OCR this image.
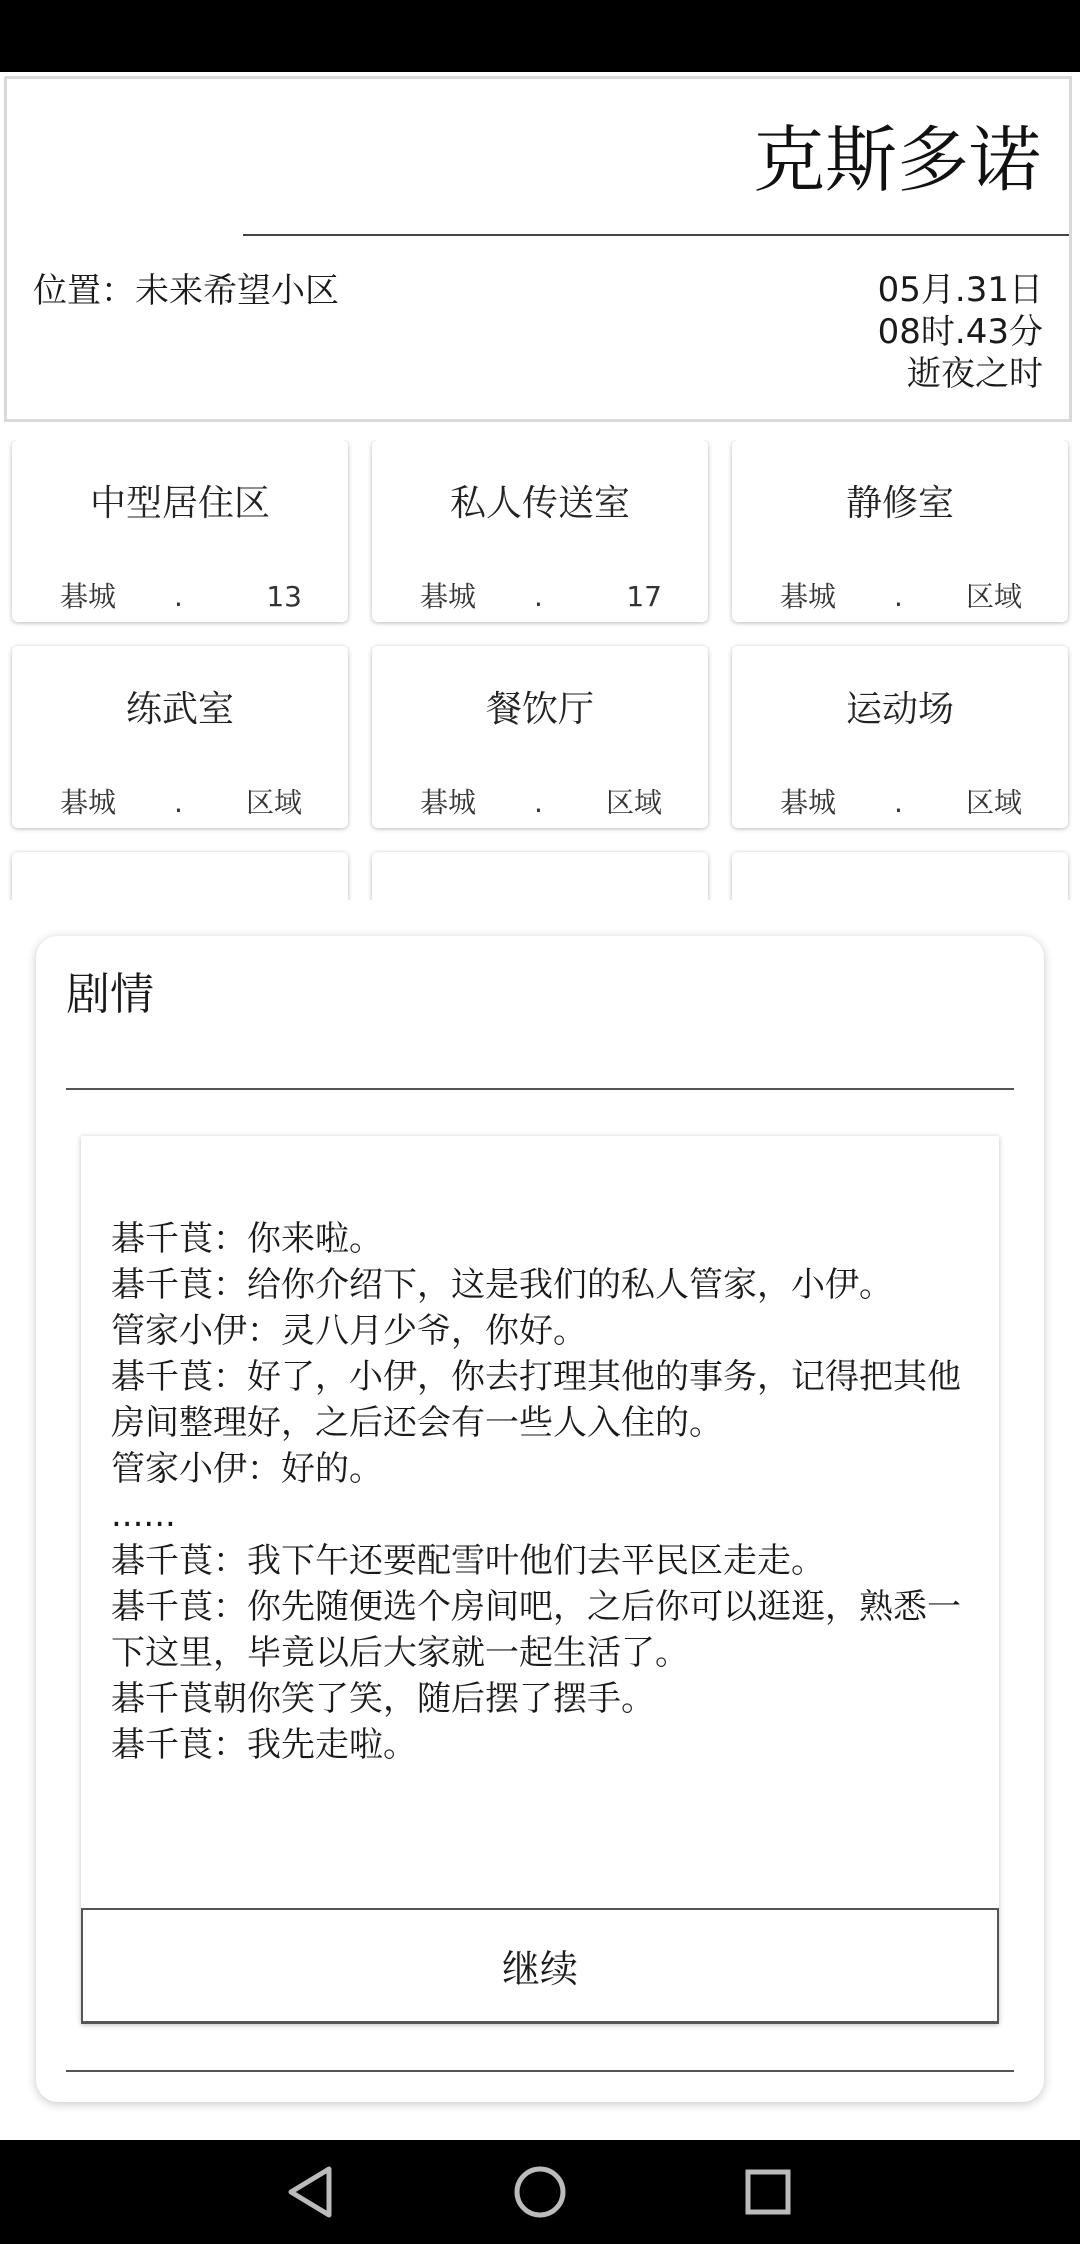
克斯多诺
位置：未来希望小区	05月.31日
08时.43分
逝夜之时
中型居住区
碁城 .	13
私人传送室
碁城 .	17
静修室
碁城 . 区域
练武室
碁城 . 区域
餐饮厅
碁城 . 区域
运动场
碁城 . 区域
剧情
碁千莨：你来啦。
碁千莨：给你介绍下，这是我们的私人管家，小伊。
管家小伊：灵八月少爷，你好。
碁千莨：好了，小伊，你去打理其他的事务，记得把其他房间整理好，之后还会有一些人入住的。
管家小伊：好的。
......
碁千莨：我下午还要配雪叶他们去平民区走走。
碁千莨：你先随便选个房间吧，之后你可以逛逛，熟悉一下这里，毕竟以后大家就一起生活了。
碁千莨朝你笑了笑，随后摆了摆手。
碁千莨：我先走啦。
继续
